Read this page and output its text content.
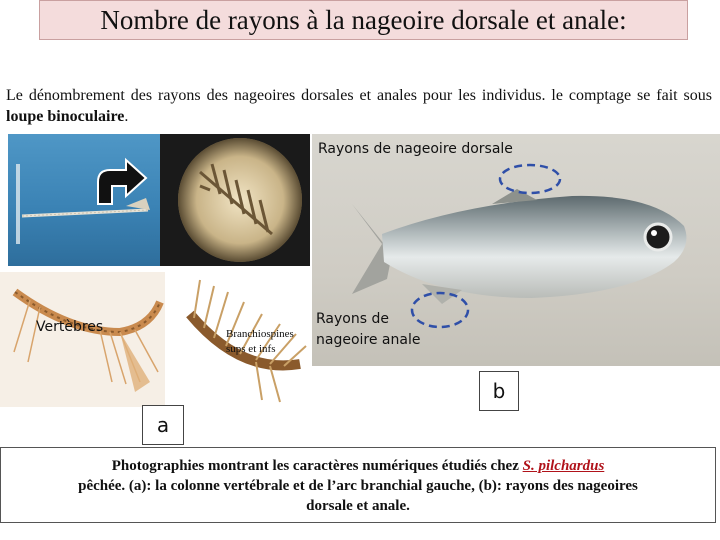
Nombre de rayons à la nageoire dorsale et anale:
Le dénombrement des rayons des nageoires dorsales et anales pour les individus. le comptage se fait sous loupe binoculaire.
Rayons de nageoire dorsale
Rayons de
nageoire anale
Vertèbres	Branchiospines
sups et infs
a
b
Photographies montrant les caractères numériques étudiés chez S. pilchardus
pêchée. (a): la colonne vertébrale et de l’arc branchial gauche, (b): rayons des nageoires
dorsale et anale.
